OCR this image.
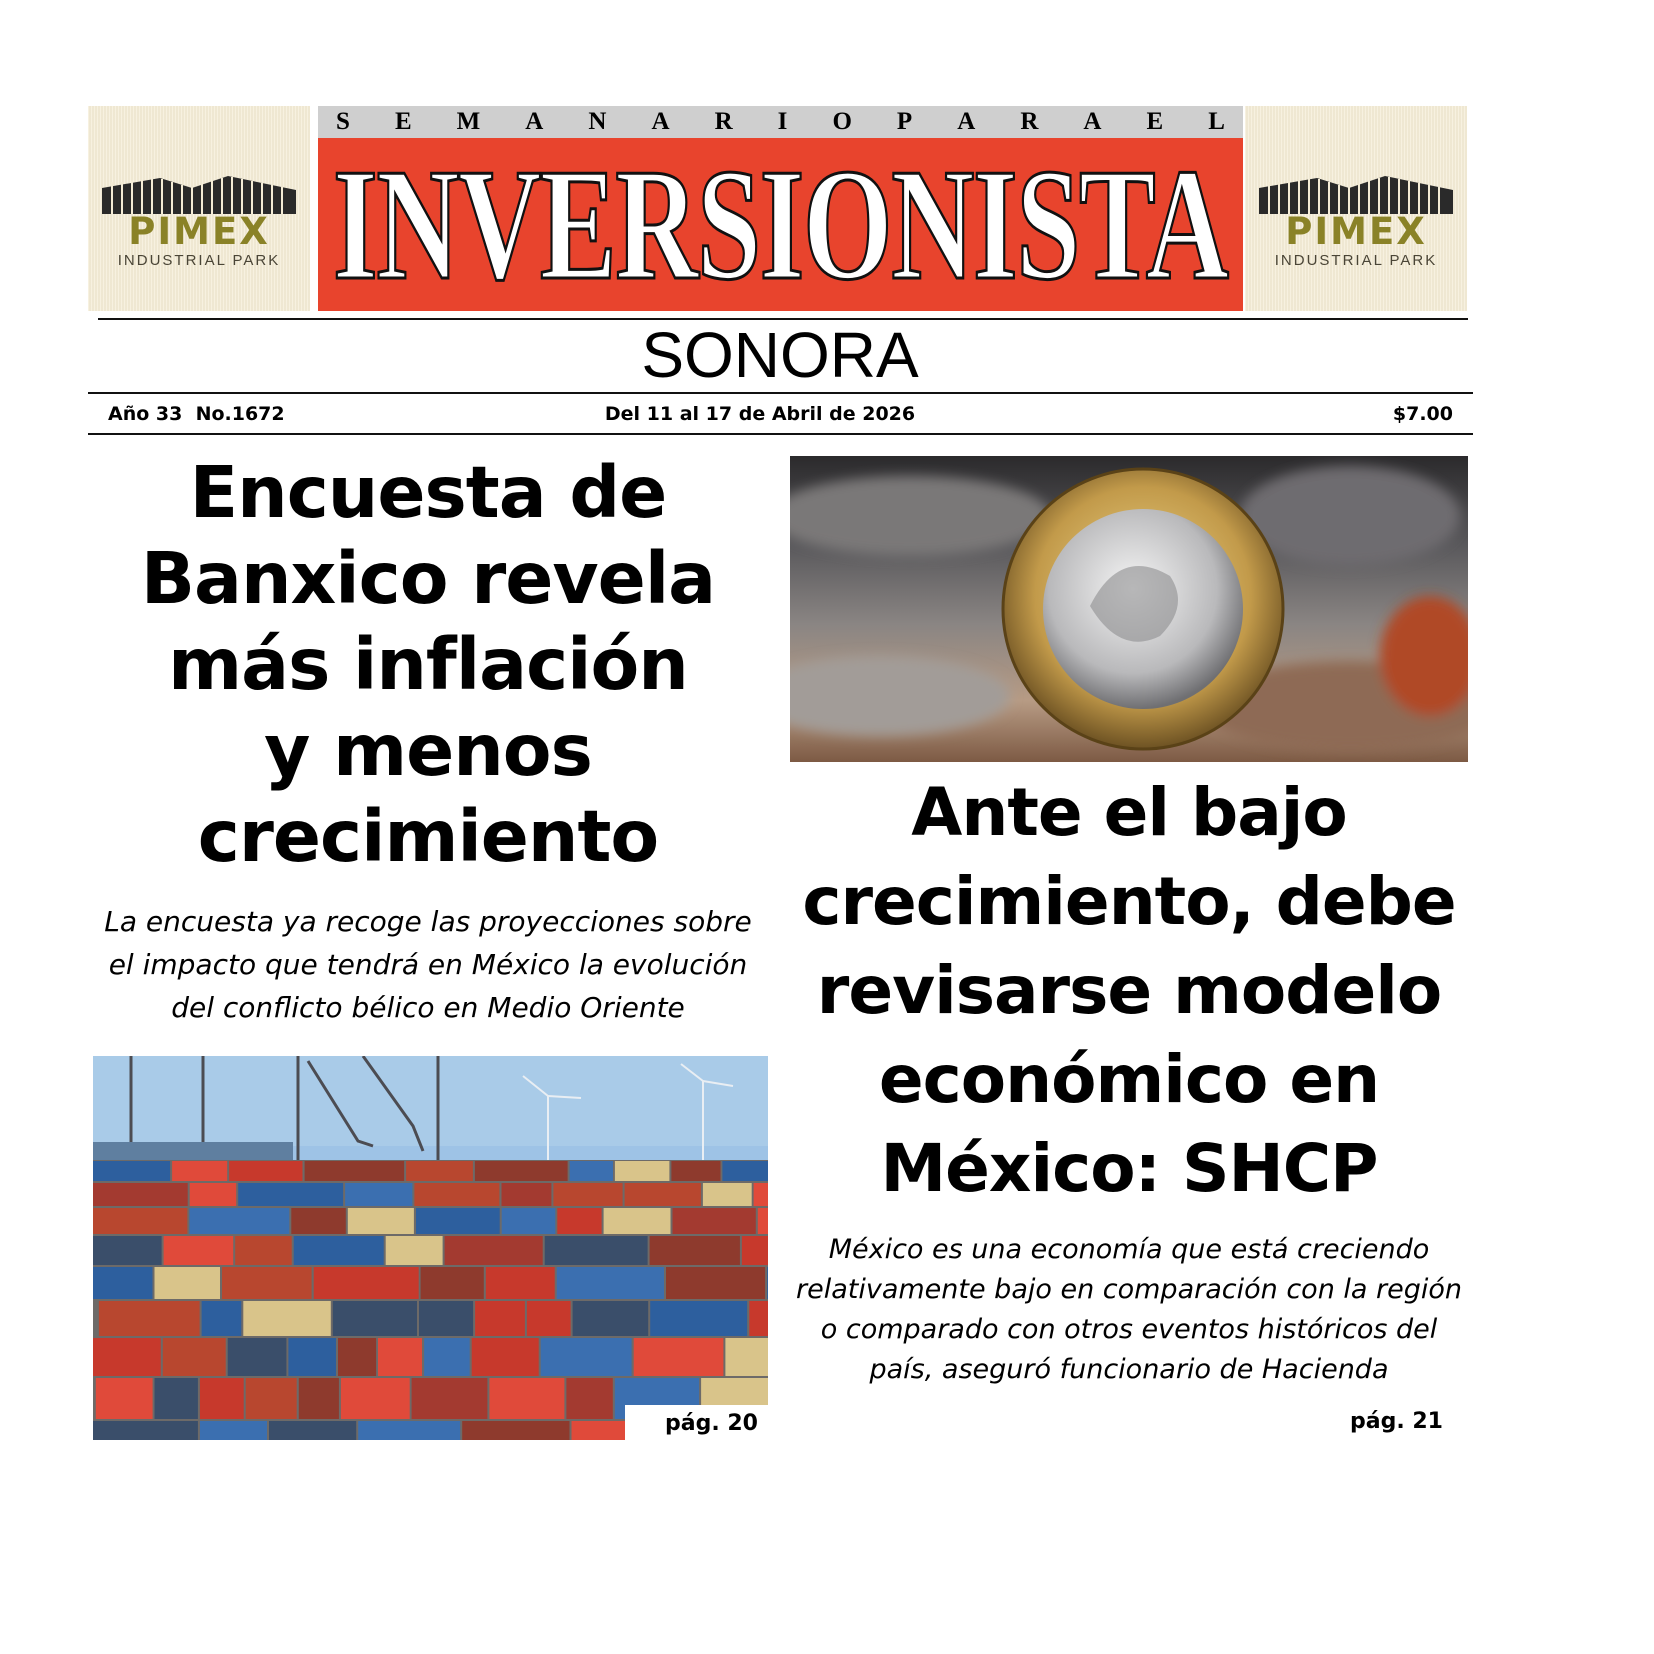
PIMEX
INDUSTRIAL PARK
S E M A N A R I O P A R A E L
INVERSIONISTA	PIMEX
INDUSTRIAL PARK
SONORA
Año 33  No.1672	Del 11 al 17 de Abril de 2026	$7.00
Encuesta de
Banxico revela
más inflación
y menos
crecimiento
La encuesta ya recoge las proyecciones sobre
el impacto que tendrá en México la evolución
del conflicto bélico en Medio Oriente
pág. 20
Ante el bajo
crecimiento, debe
revisarse modelo
económico en
México: SHCP
México es una economía que está creciendo
relativamente bajo en comparación con la región
o comparado con otros eventos históricos del
país, aseguró funcionario de Hacienda
pág. 21
